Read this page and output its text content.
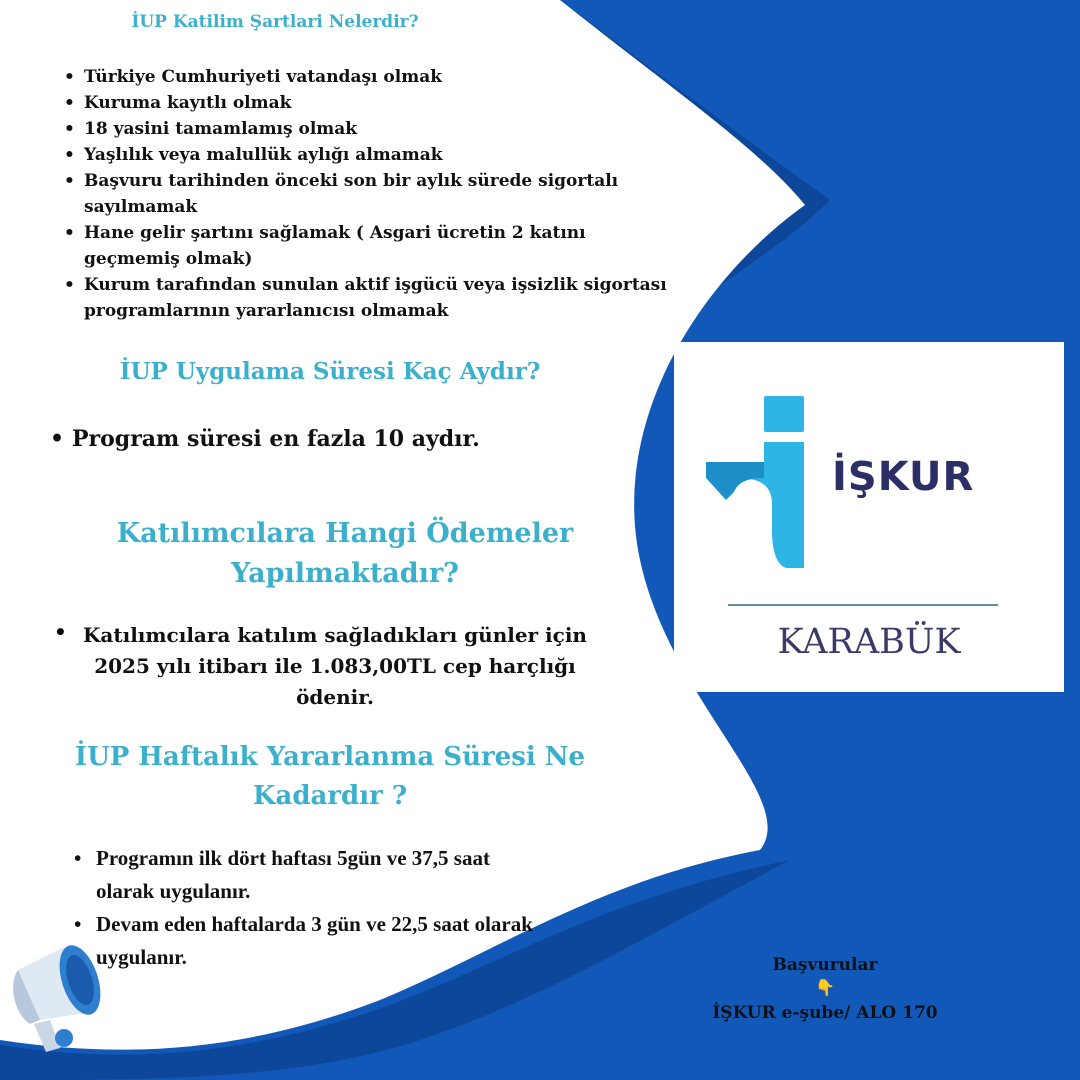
İUP Katilim Şartlari Nelerdir?
• Türkiye Cumhuriyeti vatandaşı olmak
• Kuruma kayıtlı olmak
• 18 yasini tamamlamış olmak
• Yaşlılık veya malullük aylığı almamak
• Başvuru tarihinden önceki son bir aylık sürede sigortalı sayılmamak
• Hane gelir şartını sağlamak ( Asgari ücretin 2 katını geçmemiş olmak)
• Kurum tarafından sunulan aktif işgücü veya işsizlik sigortası programlarının yararlanıcısı olmamak
İUP Uygulama Süresi Kaç Aydır?
• Program süresi en fazla 10 aydır.
Katılımcılara Hangi Ödemeler Yapılmaktadır?
• Katılımcılara katılım sağladıkları günler için 2025 yılı itibarı ile 1.083,00TL cep harçlığı ödenir.
İUP Haftalık Yararlanma Süresi Ne Kadardır ?
• Programın ilk dört haftası 5gün ve 37,5 saat olarak uygulanır.
• Devam eden haftalarda 3 gün ve 22,5 saat olarak uygulanır.
İŞKUR
KARABÜK
Başvurular
👇
İŞKUR e-şube/ ALO 170
